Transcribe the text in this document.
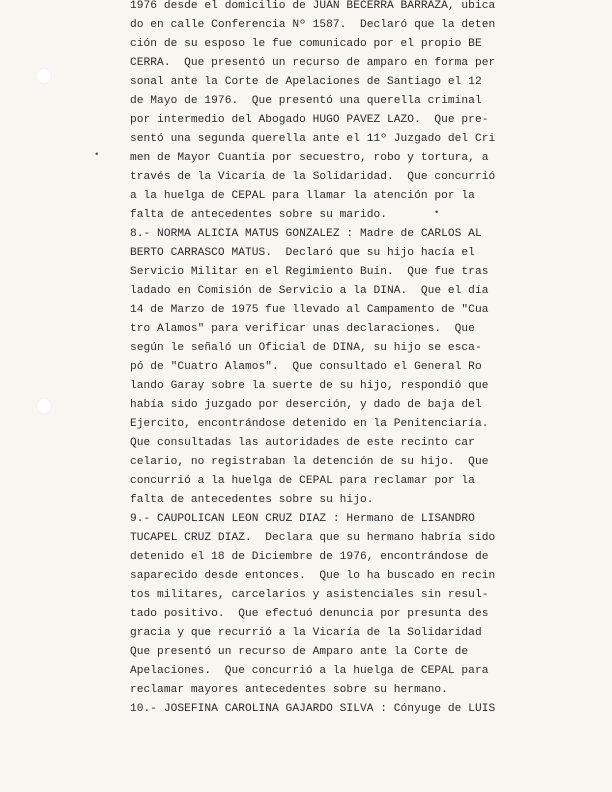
•
•
1976 desde el domicilio de JUAN BECERRA BARRAZA, ubica
do en calle Conferencia Nº 1587.  Declaró que la deten
ción de su esposo le fue comunicado por el propio BE
CERRA.  Que presentó un recurso de amparo en forma per
sonal ante la Corte de Apelaciones de Santiago el 12
de Mayo de 1976.  Que presentó una querella criminal
por intermedio del Abogado HUGO PAVEZ LAZO.  Que pre-
sentó una segunda querella ante el 11º Juzgado del Cri
men de Mayor Cuantía por secuestro, robo y tortura, a
través de la Vicaría de la Solidaridad.  Que concurrió
a la huelga de CEPAL para llamar la atención por la
falta de antecedentes sobre su marido.
8.- NORMA ALICIA MATUS GONZALEZ : Madre de CARLOS AL
BERTO CARRASCO MATUS.  Declaró que su hijo hacía el
Servicio Militar en el Regimiento Buin.  Que fue tras
ladado en Comisión de Servicio a la DINA.  Que el día
14 de Marzo de 1975 fue llevado al Campamento de "Cua
tro Alamos" para verificar unas declaraciones.  Que
según le señaló un Oficial de DINA, su hijo se esca-
pó de "Cuatro Alamos".  Que consultado el General Ro
lando Garay sobre la suerte de su hijo, respondió que
había sido juzgado por deserción, y dado de baja del
Ejercito, encontrándose detenido en la Penitenciaría.
Que consultadas las autoridades de este recinto car
celario, no registraban la detención de su hijo.  Que
concurrió a la huelga de CEPAL para reclamar por la
falta de antecedentes sobre su hijo.
9.- CAUPOLICAN LEON CRUZ DIAZ : Hermano de LISANDRO
TUCAPEL CRUZ DIAZ.  Declara que su hermano habría sido
detenido el 18 de Diciembre de 1976, encontrándose de
saparecido desde entonces.  Que lo ha buscado en recin
tos militares, carcelarios y asistenciales sin resul-
tado positivo.  Que efectuó denuncia por presunta des
gracia y que recurrió a la Vicaría de la Solidaridad
Que presentó un recurso de Amparo ante la Corte de
Apelaciones.  Que concurrió a la huelga de CEPAL para
reclamar mayores antecedentes sobre su hermano.
10.- JOSEFINA CAROLINA GAJARDO SILVA : Cónyuge de LUIS
